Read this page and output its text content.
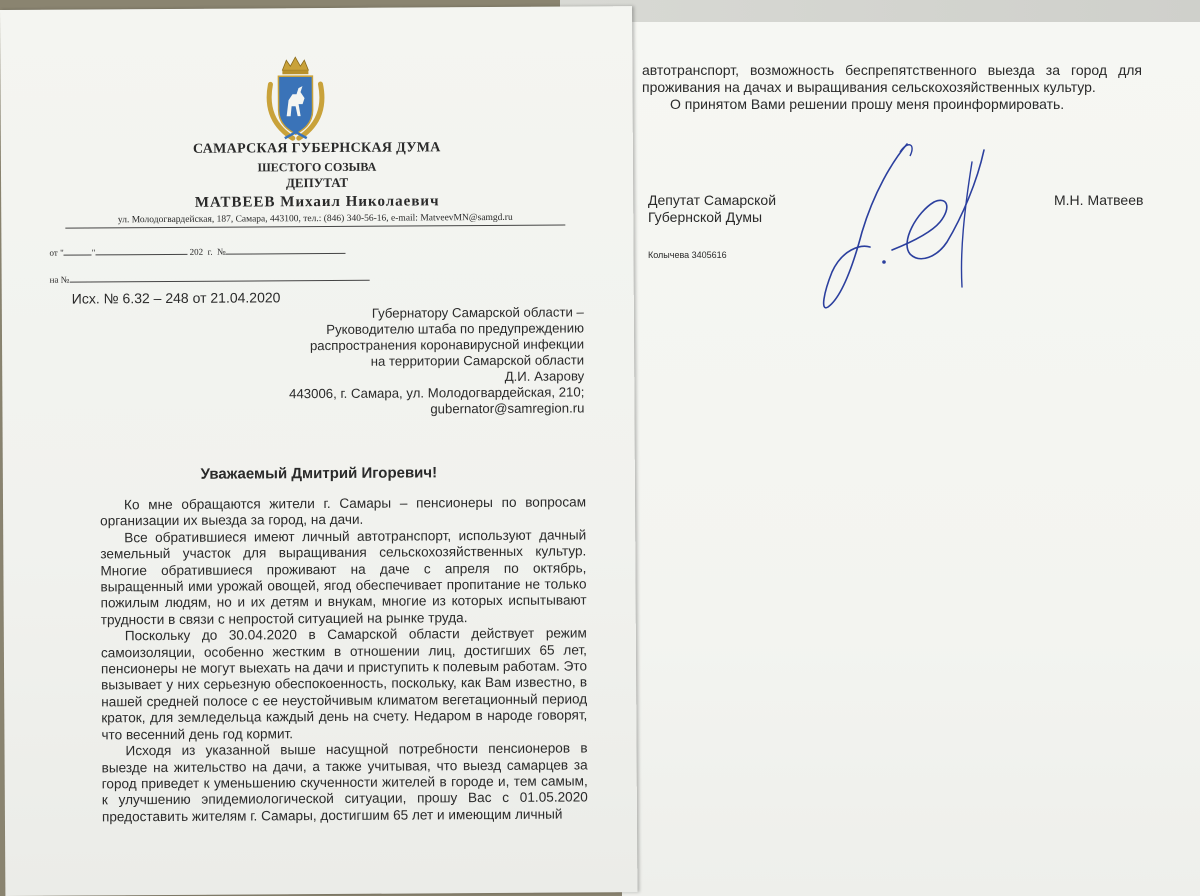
автотранспорт, возможность беспрепятственного выезда за город для проживания на дачах и выращивания сельскохозяйственных культур.

О принятом Вами решении прошу меня проинформировать.

Депутат Самарской
Губернской Думы
М.Н. Матвеев
Колычева 3405616
САМАРСКАЯ ГУБЕРНСКАЯ ДУМА
ШЕСТОГО СОЗЫВА
ДЕПУТАТ
МАТВЕЕВ Михаил Николаевич
ул. Молодогвардейская, 187, Самара, 443100, тел.: (846) 340-56-16, e-mail: MatveevMN@samgd.ru
от "	"	202 г. №
на №
Исх. № 6.32 – 248 от 21.04.2020
Губернатору Самарской области –
Руководителю штаба по предупреждению
распространения коронавирусной инфекции
на территории Самарской области
Д.И. Азарову
443006, г. Самара, ул. Молодогвардейская, 210;
gubernator@samregion.ru
Уважаемый Дмитрий Игоревич!

Ко мне обращаются жители г. Самары – пенсионеры по вопросам организации их выезда за город, на дачи.

Все обратившиеся имеют личный автотранспорт, используют дачный земельный участок для выращивания сельскохозяйственных культур. Многие обратившиеся проживают на даче с апреля по октябрь, выращенный ими урожай овощей, ягод обеспечивает пропитание не только пожилым людям, но и их детям и внукам, многие из которых испытывают трудности в связи с непростой ситуацией на рынке труда.

Поскольку до 30.04.2020 в Самарской области действует режим самоизоляции, особенно жестким в отношении лиц, достигших 65 лет, пенсионеры не могут выехать на дачи и приступить к полевым работам. Это вызывает у них серьезную обеспокоенность, поскольку, как Вам известно, в нашей средней полосе с ее неустойчивым климатом вегетационный период краток, для земледельца каждый день на счету. Недаром в народе говорят, что весенний день год кормит.

Исходя из указанной выше насущной потребности пенсионеров в выезде на жительство на дачи, а также учитывая, что выезд самарцев за город приведет к уменьшению скученности жителей в городе и, тем самым, к улучшению эпидемиологической ситуации, прошу Вас с 01.05.2020 предоставить жителям г. Самары, достигшим 65 лет и имеющим личный
